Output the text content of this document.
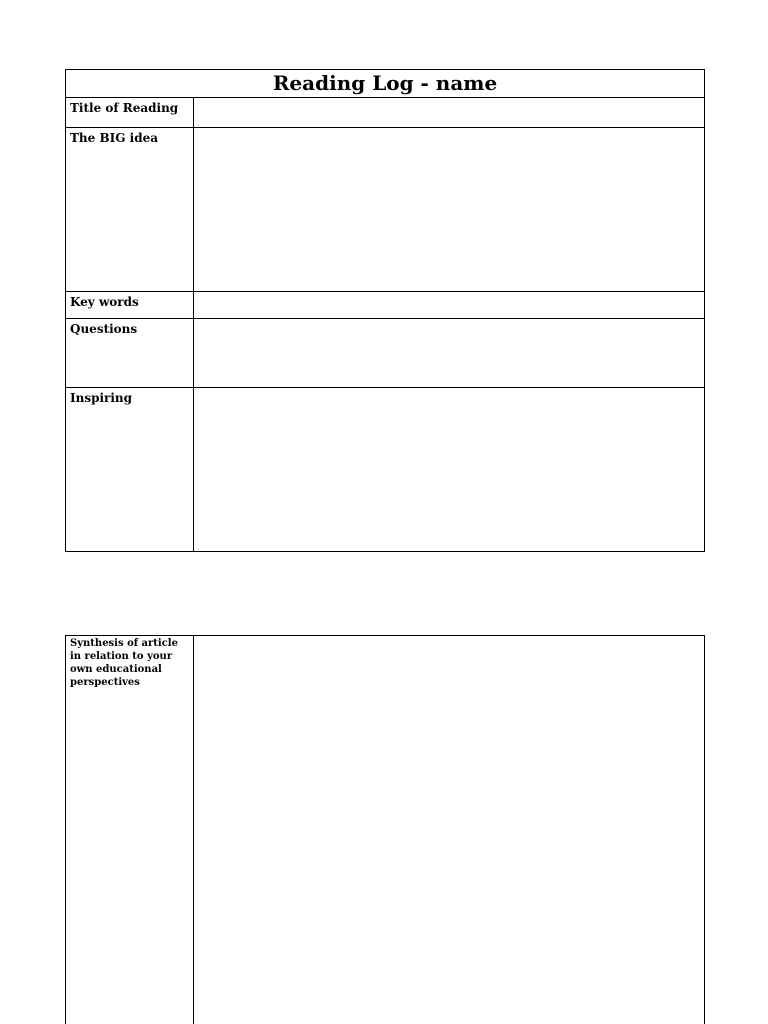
Reading Log - name	
Title of Reading	
The BIG idea	
Key words	
Questions	
Inspiring	
Synthesis of article in relation to your own educational perspectives	
